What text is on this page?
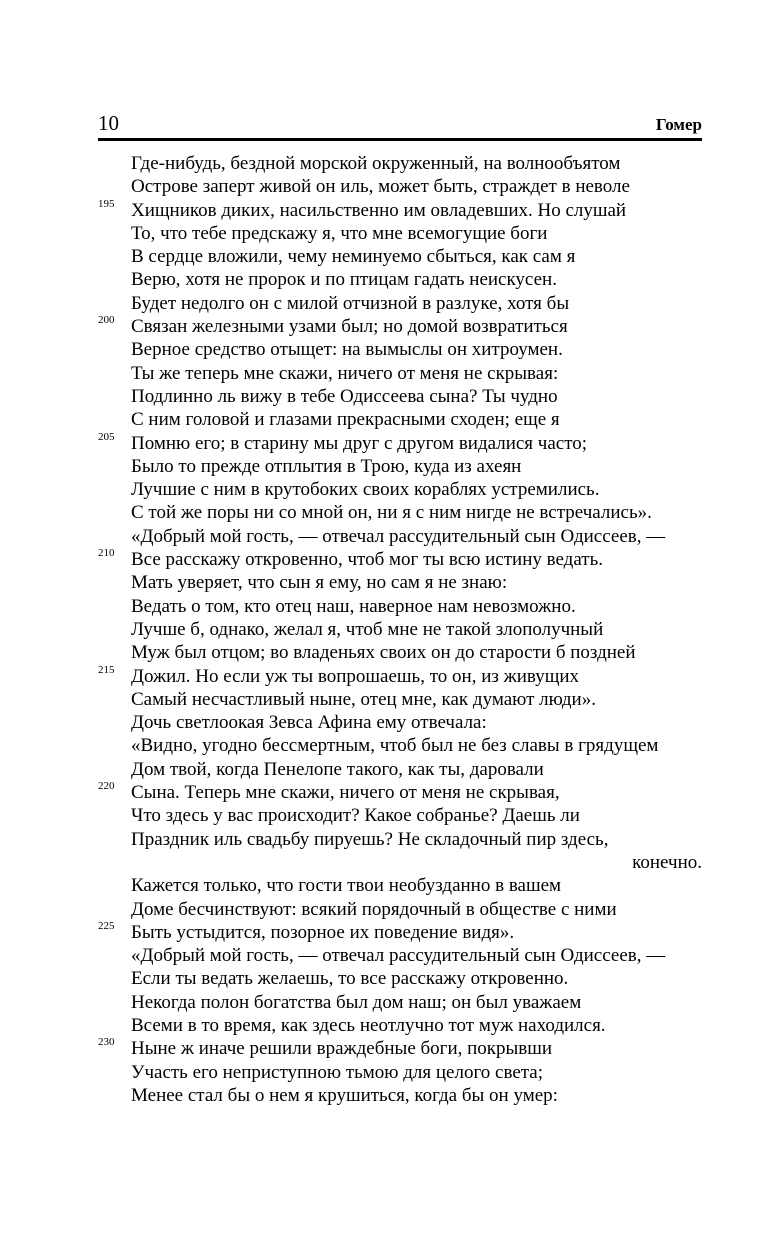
10	Гомер
Где-нибудь, бездной морской окруженный, на волнообъятом
Острове заперт живой он иль, может быть, страждет в неволе
195 Хищников диких, насильственно им овладевших. Но слушай
То, что тебе предскажу я, что мне всемогущие боги
В сердце вложили, чему неминуемо сбыться, как сам я
Верю, хотя не пророк и по птицам гадать неискусен.
Будет недолго он с милой отчизной в разлуке, хотя бы
200 Связан железными узами был; но домой возвратиться
Верное средство отыщет: на вымыслы он хитроумен.
Ты же теперь мне скажи, ничего от меня не скрывая:
Подлинно ль вижу в тебе Одиссеева сына? Ты чудно
С ним головой и глазами прекрасными сходен; еще я
205 Помню его; в старину мы друг с другом видалися часто;
Было то прежде отплытия в Трою, куда из ахеян
Лучшие с ним в крутобоких своих кораблях устремились.
С той же поры ни со мной он, ни я с ним нигде не встречались».
«Добрый мой гость, — отвечал рассудительный сын Одиссеев, —
210 Все расскажу откровенно, чтоб мог ты всю истину ведать.
Мать уверяет, что сын я ему, но сам я не знаю:
Ведать о том, кто отец наш, наверное нам невозможно.
Лучше б, однако, желал я, чтоб мне не такой злополучный
Муж был отцом; во владеньях своих он до старости б поздней
215 Дожил. Но если уж ты вопрошаешь, то он, из живущих
Самый несчастливый ныне, отец мне, как думают люди».
Дочь светлоокая Зевса Афина ему отвечала:
«Видно, угодно бессмертным, чтоб был не без славы в грядущем
Дом твой, когда Пенелопе такого, как ты, даровали
220 Сына. Теперь мне скажи, ничего от меня не скрывая,
Что здесь у вас происходит? Какое собранье? Даешь ли
Праздник иль свадьбу пируешь? Не складочный пир здесь,
конечно.
Кажется только, что гости твои необузданно в вашем
Доме бесчинствуют: всякий порядочный в обществе с ними
225 Быть устыдится, позорное их поведение видя».
«Добрый мой гость, — отвечал рассудительный сын Одиссеев, —
Если ты ведать желаешь, то все расскажу откровенно.
Некогда полон богатства был дом наш; он был уважаем
Всеми в то время, как здесь неотлучно тот муж находился.
230 Ныне ж иначе решили враждебные боги, покрывши
Участь его неприступною тьмою для целого света;
Менее стал бы о нем я крушиться, когда бы он умер:
